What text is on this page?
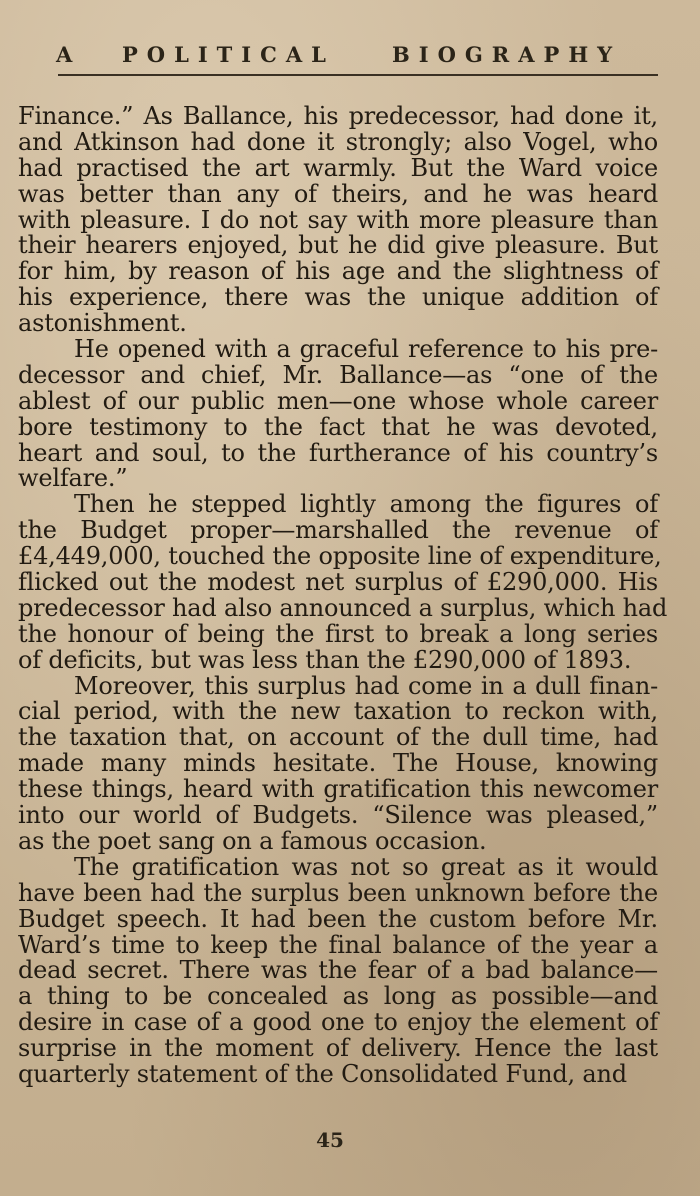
A POLITICAL	BIOGRAPHY
Finance.” As Ballance, his predecessor, had done it,
and Atkinson had done it strongly; also Vogel, who
had practised the art warmly. But the Ward voice
was better than any of theirs, and he was heard
with pleasure. I do not say with more pleasure than
their hearers enjoyed, but he did give pleasure. But
for him, by reason of his age and the slightness of
his experience, there was the unique addition of
astonishment.
He opened with a graceful reference to his pre-
decessor and chief, Mr. Ballance—as “one of the
ablest of our public men—one whose whole career
bore testimony to the fact that he was devoted,
heart and soul, to the furtherance of his country’s
welfare.”
Then he stepped lightly among the figures of
the Budget proper—marshalled the revenue of
£4,449,000, touched the opposite line of expenditure,
flicked out the modest net surplus of £290,000. His
predecessor had also announced a surplus, which had
the honour of being the first to break a long series
of deficits, but was less than the £290,000 of 1893.
Moreover, this surplus had come in a dull finan-
cial period, with the new taxation to reckon with,
the taxation that, on account of the dull time, had
made many minds hesitate. The House, knowing
these things, heard with gratification this newcomer
into our world of Budgets. “Silence was pleased,”
as the poet sang on a famous occasion.
The gratification was not so great as it would
have been had the surplus been unknown before the
Budget speech. It had been the custom before Mr.
Ward’s time to keep the final balance of the year a
dead secret. There was the fear of a bad balance—
a thing to be concealed as long as possible—and
desire in case of a good one to enjoy the element of
surprise in the moment of delivery. Hence the last
quarterly statement of the Consolidated Fund, and
45
